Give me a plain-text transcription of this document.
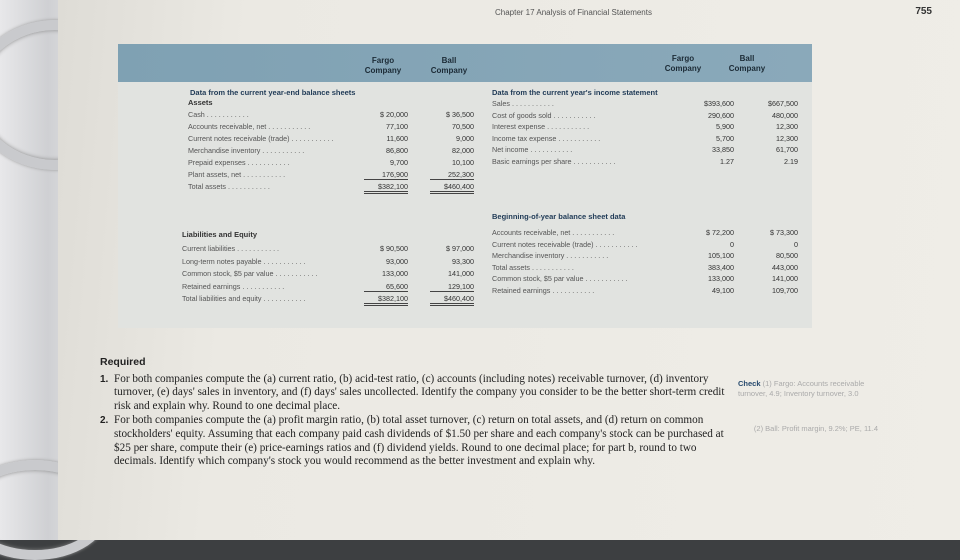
Chapter 17 Analysis of Financial Statements	755
Fargo
Company
Ball
Company
Fargo
Company
Ball
Company
Data from the current year-end balance sheets
Assets
Cash . . . . . . . . . . .	$ 20,000	$ 36,500
Accounts receivable, net . . . . . . . . . . .	77,100	70,500
Current notes receivable (trade) . . . . . . . . . . .	11,600	9,000
Merchandise inventory . . . . . . . . . . .	86,800	82,000
Prepaid expenses . . . . . . . . . . .	9,700	10,100
Plant assets, net . . . . . . . . . . .	176,900	252,300
Total assets . . . . . . . . . . .	$382,100	$460,400
Liabilities and Equity
Current liabilities . . . . . . . . . . .	$ 90,500	$ 97,000
Long-term notes payable . . . . . . . . . . .	93,000	93,300
Common stock, $5 par value . . . . . . . . . . .	133,000	141,000
Retained earnings . . . . . . . . . . .	65,600	129,100
Total liabilities and equity . . . . . . . . . . .	$382,100	$460,400
Data from the current year's income statement
Sales . . . . . . . . . . .	$393,600	$667,500
Cost of goods sold . . . . . . . . . . .	290,600	480,000
Interest expense . . . . . . . . . . .	5,900	12,300
Income tax expense . . . . . . . . . . .	5,700	12,300
Net income . . . . . . . . . . .	33,850	61,700
Basic earnings per share . . . . . . . . . . .	1.27	2.19
Beginning-of-year balance sheet data
Accounts receivable, net . . . . . . . . . . .	$ 72,200	$ 73,300
Current notes receivable (trade) . . . . . . . . . . .	0	0
Merchandise inventory . . . . . . . . . . .	105,100	80,500
Total assets . . . . . . . . . . .	383,400	443,000
Common stock, $5 par value . . . . . . . . . . .	133,000	141,000
Retained earnings . . . . . . . . . . .	49,100	109,700
Required
1. For both companies compute the (a) current ratio, (b) acid-test ratio, (c) accounts (including notes) receivable turnover, (d) inventory turnover, (e) days' sales in inventory, and (f) days' sales uncollected. Identify the company you consider to be the better short-term credit risk and explain why. Round to one decimal place.
2. For both companies compute the (a) profit margin ratio, (b) total asset turnover, (c) return on total assets, and (d) return on common stockholders' equity. Assuming that each company paid cash dividends of $1.50 per share and each company's stock can be purchased at $25 per share, compute their (e) price-earnings ratios and (f) dividend yields. Round to one decimal place; for part b, round to two decimals. Identify which company's stock you would recommend as the better investment and explain why.
Check (1) Fargo: Accounts receivable turnover, 4.9; Inventory turnover, 3.0
(2) Ball: Profit margin, 9.2%; PE, 11.4
